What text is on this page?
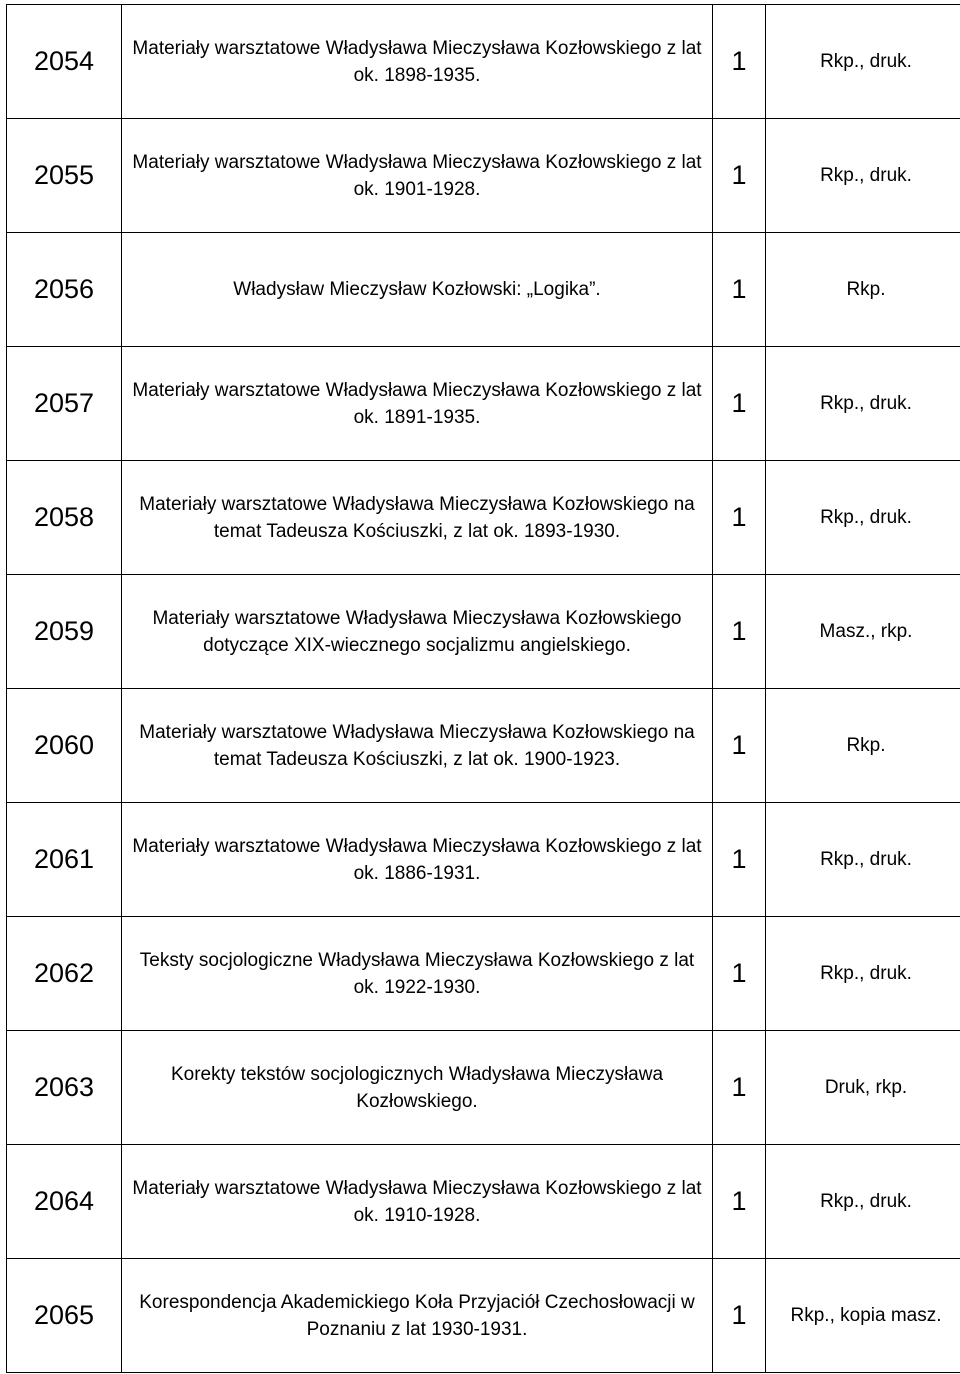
2054	Materiały warsztatowe Władysława Mieczysława Kozłowskiego z lat ok. 1898-1935.	1	Rkp., druk.
2055	Materiały warsztatowe Władysława Mieczysława Kozłowskiego z lat ok. 1901-1928.	1	Rkp., druk.
2056	Władysław Mieczysław Kozłowski: „Logika”.	1	Rkp.
2057	Materiały warsztatowe Władysława Mieczysława Kozłowskiego z lat ok. 1891-1935.	1	Rkp., druk.
2058	Materiały warsztatowe Władysława Mieczysława Kozłowskiego na temat Tadeusza Kościuszki, z lat ok. 1893-1930.	1	Rkp., druk.
2059	Materiały warsztatowe Władysława Mieczysława Kozłowskiego dotyczące XIX-wiecznego socjalizmu angielskiego.	1	Masz., rkp.
2060	Materiały warsztatowe Władysława Mieczysława Kozłowskiego na temat Tadeusza Kościuszki, z lat ok. 1900-1923.	1	Rkp.
2061	Materiały warsztatowe Władysława Mieczysława Kozłowskiego z lat ok. 1886-1931.	1	Rkp., druk.
2062	Teksty socjologiczne Władysława Mieczysława Kozłowskiego z lat ok. 1922-1930.	1	Rkp., druk.
2063	Korekty tekstów socjologicznych Władysława Mieczysława Kozłowskiego.	1	Druk, rkp.
2064	Materiały warsztatowe Władysława Mieczysława Kozłowskiego z lat ok. 1910-1928.	1	Rkp., druk.
2065	Korespondencja Akademickiego Koła Przyjaciół Czechosłowacji w Poznaniu z lat 1930-1931.	1	Rkp., kopia masz.
